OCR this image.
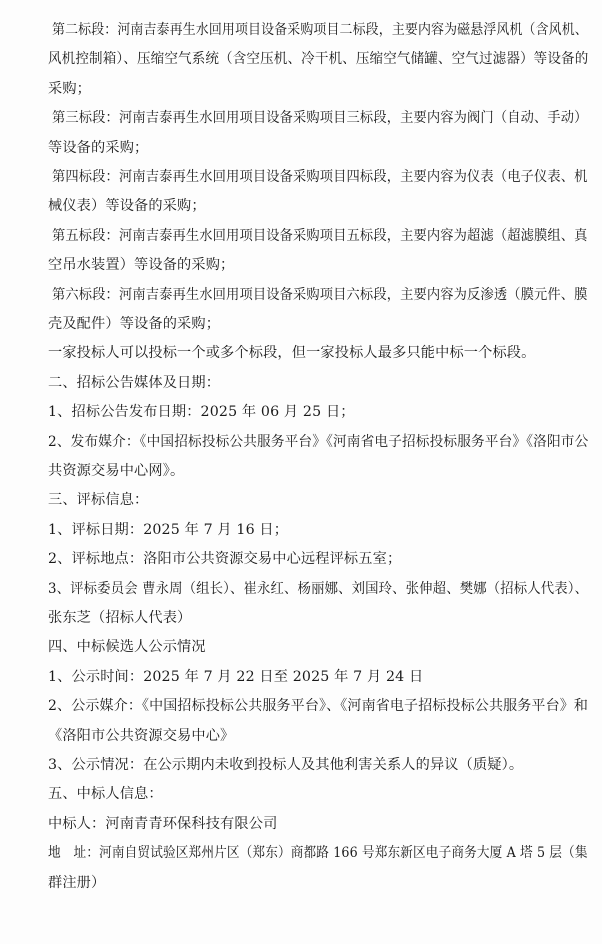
第二标段：河南吉泰再生水回用项目设备采购项目二标段，主要内容为磁悬浮风机（含风机、
风机控制箱）、压缩空气系统（含空压机、冷干机、压缩空气储罐、空气过滤器）等设备的
采购；
第三标段：河南吉泰再生水回用项目设备采购项目三标段，主要内容为阀门（自动、手动）
等设备的采购；
第四标段：河南吉泰再生水回用项目设备采购项目四标段，主要内容为仪表（电子仪表、机
械仪表）等设备的采购；
第五标段：河南吉泰再生水回用项目设备采购项目五标段，主要内容为超滤（超滤膜组、真
空吊水装置）等设备的采购；
第六标段：河南吉泰再生水回用项目设备采购项目六标段，主要内容为反渗透（膜元件、膜
壳及配件）等设备的采购；
一家投标人可以投标一个或多个标段，但一家投标人最多只能中标一个标段。
二、招标公告媒体及日期：
1、招标公告发布日期：2025 年 06 月 25 日；
2、发布媒介：《中国招标投标公共服务平台》《河南省电子招标投标服务平台》《洛阳市公
共资源交易中心网》。
三、评标信息：
1、评标日期：2025 年 7 月 16 日；
2、评标地点：洛阳市公共资源交易中心远程评标五室；
3、评标委员会 曹永周（组长）、崔永红、杨丽娜、刘国玲、张伸超、樊娜（招标人代表）、
张东芝（招标人代表）
四、中标候选人公示情况
1、公示时间：2025 年 7 月 22 日至 2025 年 7 月 24 日
2、公示媒介：《中国招标投标公共服务平台》、《河南省电子招标投标公共服务平台》和
《洛阳市公共资源交易中心》
3、公示情况：在公示期内未收到投标人及其他利害关系人的异议（质疑）。
五、中标人信息：
中标人：河南青青环保科技有限公司
地　址：河南自贸试验区郑州片区（郑东）商都路 166 号郑东新区电子商务大厦 A 塔 5 层（集
群注册）
